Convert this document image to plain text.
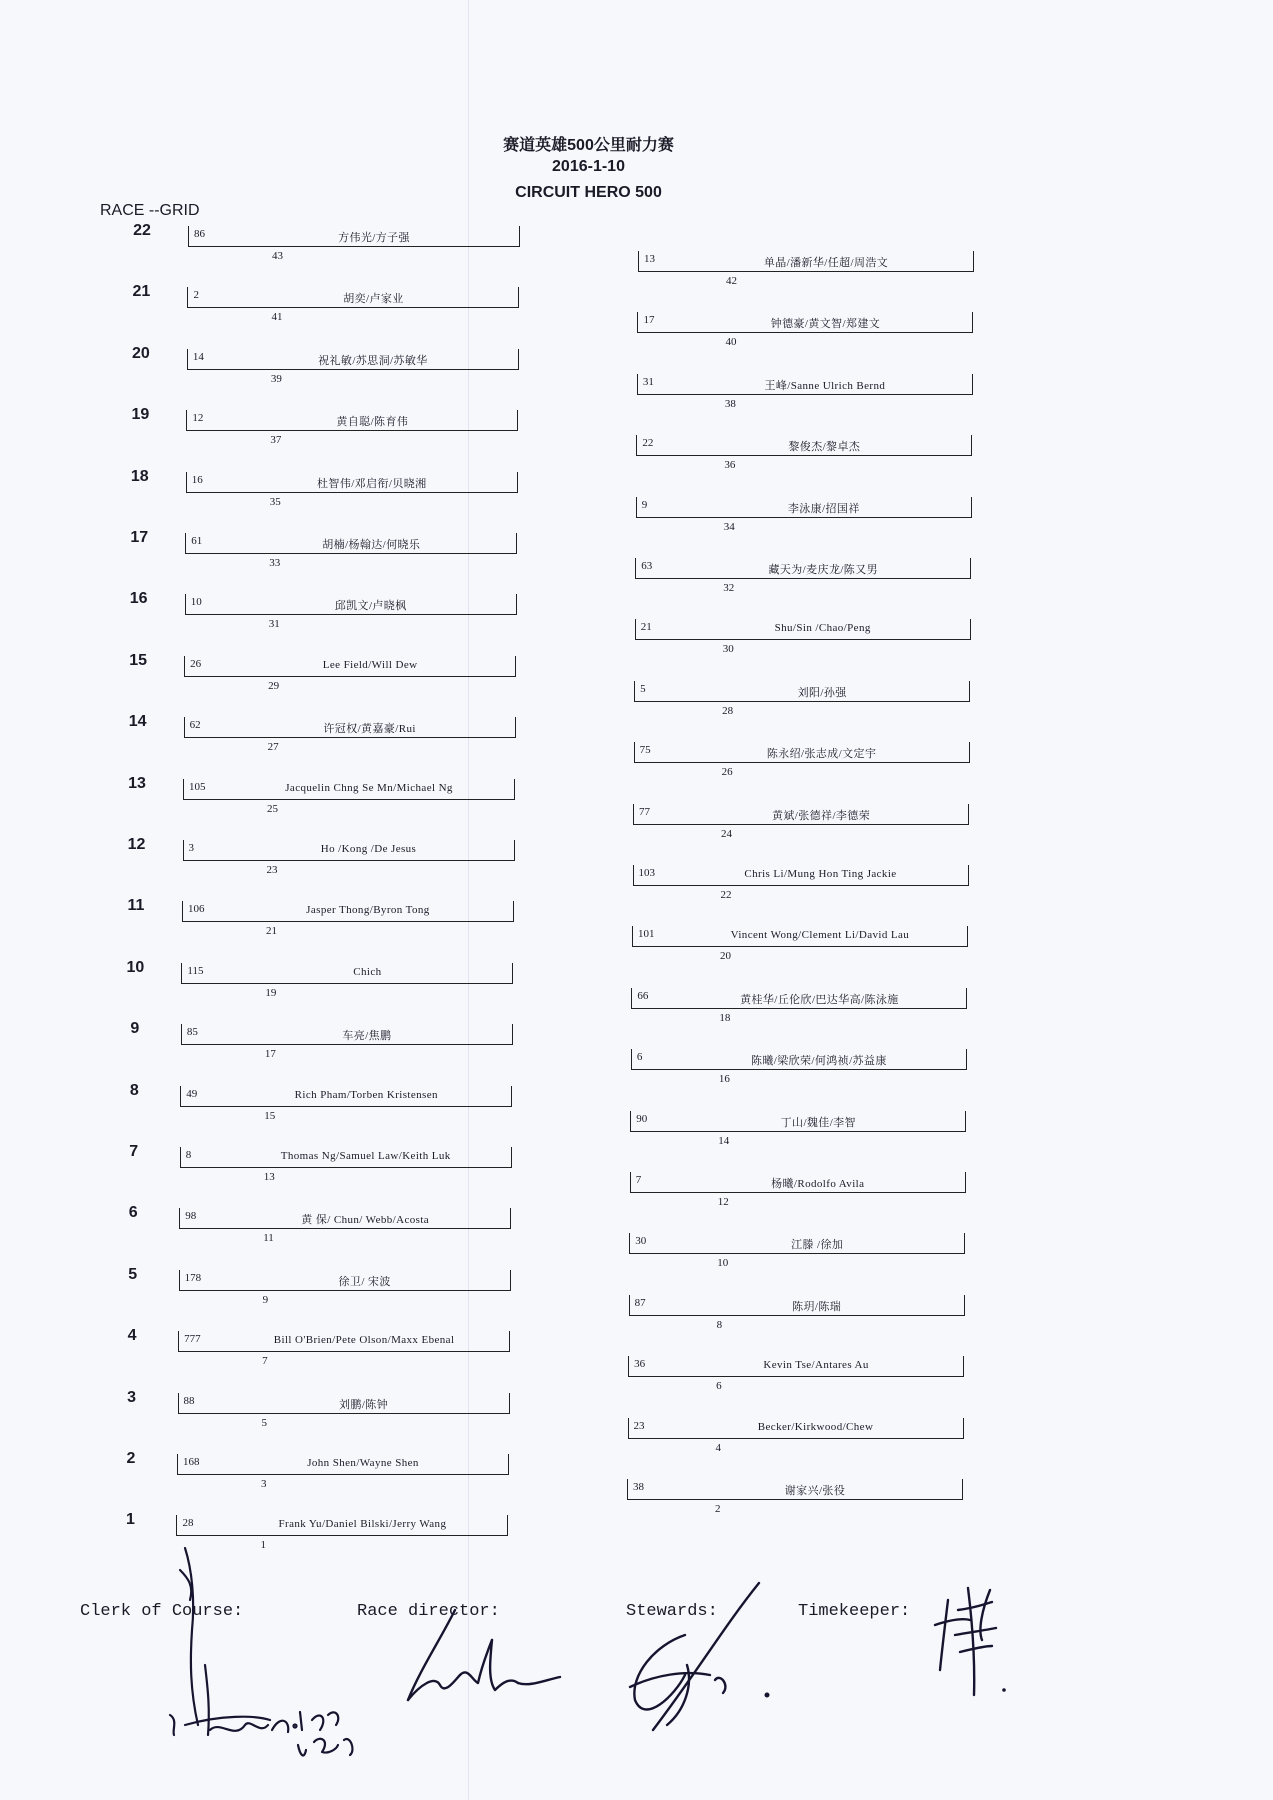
赛道英雄500公里耐力赛
2016-1-10
CIRCUIT HERO 500
RACE --GRID
22	86	方伟光/方子强
43
21	2	胡奕/卢家业
41
20	14	祝礼敏/苏思洞/苏敏华
39
19	12	黄自聪/陈育伟
37
18	16	杜智伟/邓启衔/贝晓湘
35
17	61	胡楠/杨翰达/何晓乐
33
16	10	邱凯文/卢晓枫
31
15	26	Lee Field/Will Dew
29
14	62	许冠权/黄嘉豪/Rui
27
13	105	Jacquelin Chng Se Mn/Michael Ng
25
12	3	Ho /Kong /De Jesus
23
11	106	Jasper Thong/Byron Tong
21
10	115	Chich
19
9	85	车亮/焦鹏
17
8	49	Rich Pham/Torben Kristensen
15
7	8	Thomas Ng/Samuel Law/Keith Luk
13
6	98	黄 保/ Chun/ Webb/Acosta
11
5	178	徐卫/ 宋波
9
4	777	Bill O'Brien/Pete Olson/Maxx Ebenal
7
3	88	刘鹏/陈钟
5
2	168	John Shen/Wayne Shen
3
1	28	Frank Yu/Daniel Bilski/Jerry Wang
1
13	单晶/潘新华/任超/周浩文
42
17	钟德豪/黄文智/郑建文
40
31	王峰/Sanne Ulrich Bernd
38
22	黎俊杰/黎卓杰
36
9	李泳康/招国祥
34
63	藏天为/麦庆龙/陈又男
32
21	Shu/Sin /Chao/Peng
30
5	刘阳/孙强
28
75	陈永绍/张志成/文定宇
26
77	黄斌/张德祥/李德荣
24
103	Chris Li/Mung Hon Ting Jackie
22
101	Vincent Wong/Clement Li/David Lau
20
66	黄桂华/丘伦欣/巴达华高/陈泳施
18
6	陈曦/梁欣荣/何鸿祯/苏益康
16
90	丁山/魏佳/李智
14
7	杨曦/Rodolfo Avila
12
30	江滕 /徐加
10
87	陈玥/陈瑞
8
36	Kevin Tse/Antares Au
6
23	Becker/Kirkwood/Chew
4
38	谢家兴/张役
2
Clerk of Course:	Race director:	Stewards:	Timekeeper:
